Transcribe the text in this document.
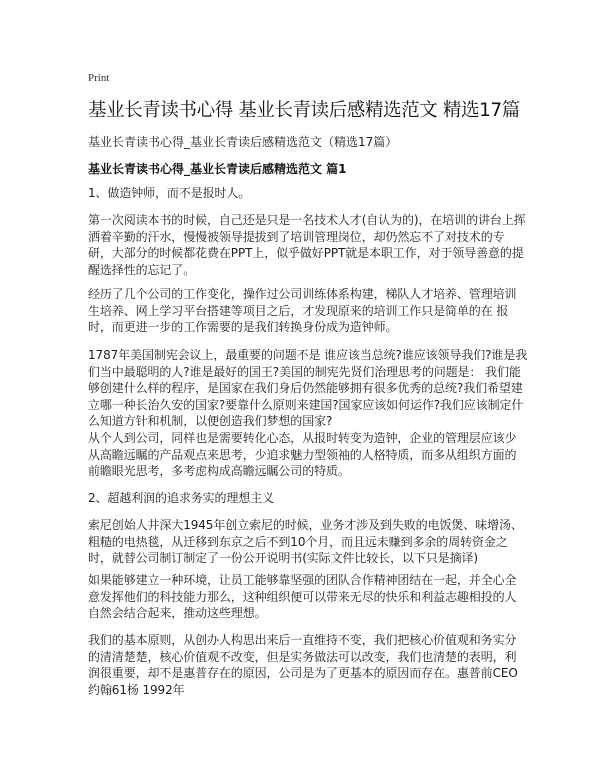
Print
基业长青读书心得 基业长青读后感精选范文 精选17篇

基业长青读书心得_基业长青读后感精选范文（精选17篇）

基业长青读书心得_基业长青读后感精选范文 篇1

1、做造钟师，而不是报时人。

第一次阅读本书的时候，自己还是只是一名技术人才(自认为的)，在培训的讲台上挥洒着辛勤的汗水，慢慢被领导提拔到了培训管理岗位，却仍然忘不了对技术的专研，大部分的时候都花费在PPT上，似乎做好PPT就是本职工作，对于领导善意的提醒选择性的忘记了。

经历了几个公司的工作变化，操作过公司训练体系构建，梯队人才培养、管理培训生培养、网上学习平台搭建等项目之后，才发现原来的培训工作只是简单的在 报时，而更进一步的工作需要的是我们转换身份成为造钟师。

1787年美国制宪会议上，最重要的问题不是 谁应该当总统?谁应该领导我们?谁是我们当中最聪明的人?谁是最好的国王?美国的制宪先贤们治理思考的问题是： 我们能够创建什么样的程序，是国家在我们身后仍然能够拥有很多优秀的总统?我们希望建立哪一种长治久安的国家?要靠什么原则来建国?国家应该如何运作?我们应该制定什么知道方针和机制，以便创造我们梦想的国家?

从个人到公司，同样也是需要转化心态，从报时转变为造钟，企业的管理层应该少从高瞻远瞩的产品观点来思考，少追求魅力型领袖的人格特质，而多从组织方面的前瞻眼光思考，多考虑构成高瞻远瞩公司的特质。

2、超越利润的追求务实的理想主义

索尼创始人井深大1945年创立索尼的时候，业务才涉及到失败的电饭煲、味增汤、粗糙的电热毯，从迁移到东京之后不到10个月，而且远未赚到多余的周转资金之时，就替公司制订制定了一份公开说明书(实际文件比较长，以下只是摘译)

如果能够建立一种环境，让员工能够靠坚强的团队合作精神团结在一起，并全心全意发挥他们的科技能力那么，这种组织便可以带来无尽的快乐和利益志趣相投的人自然会结合起来，推动这些理想。

我们的基本原则，从创办人构思出来后一直维持不变，我们把核心价值观和务实分的清清楚楚，核心价值观不改变，但是实务做法可以改变，我们也清楚的表明，利润很重要，却不是惠普存在的原因，公司是为了更基本的原因而存在。惠普前CEO约翰61杨 1992年
